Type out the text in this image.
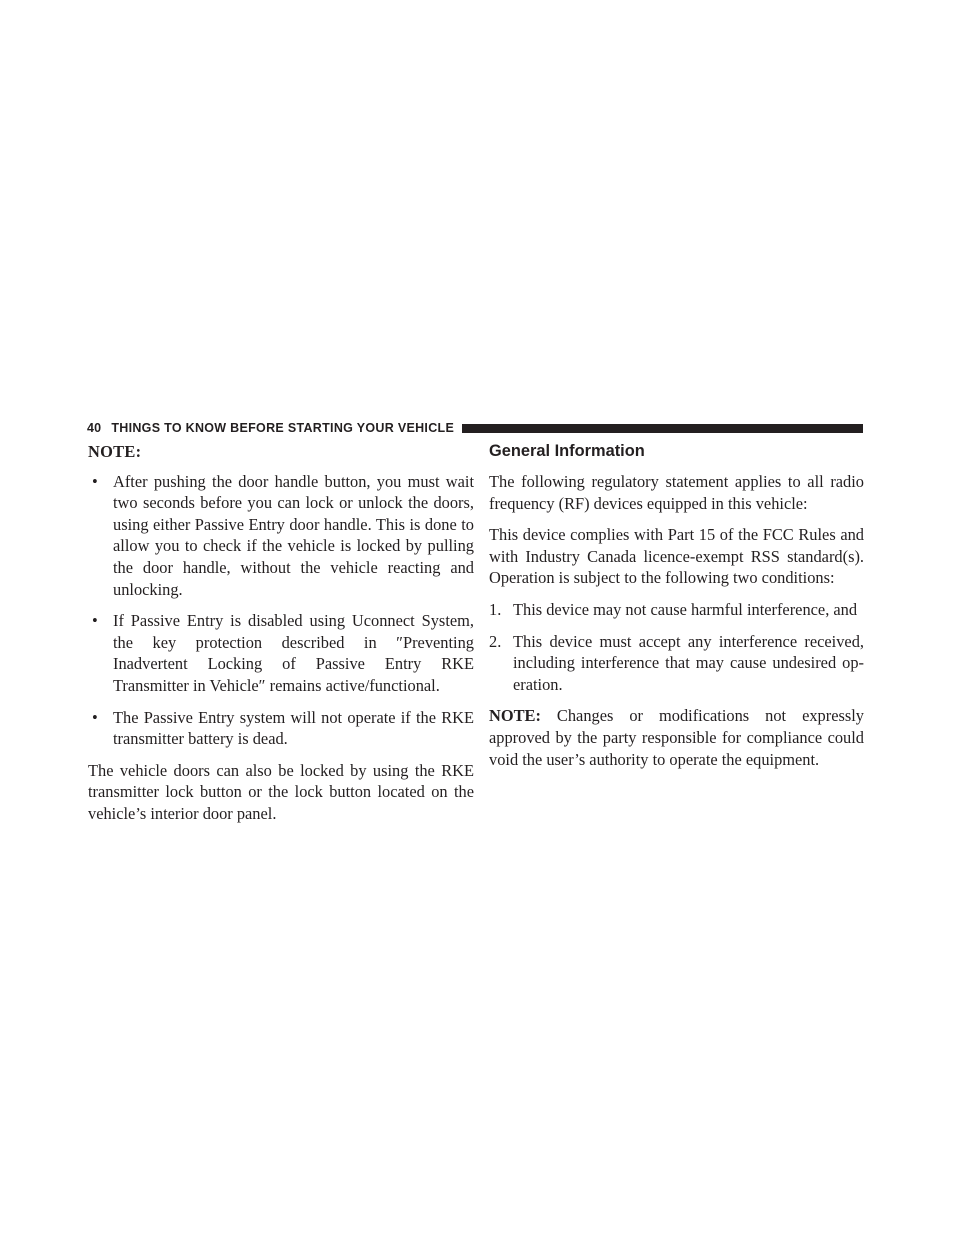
40 THINGS TO KNOW BEFORE STARTING YOUR VEHICLE

NOTE:

• After pushing the door handle button, you must wait two seconds before you can lock or unlock the doors, using either Passive Entry door handle. This is done to allow you to check if the vehicle is locked by pulling the door handle, without the vehicle reacting and unlocking.
• If Passive Entry is disabled using Uconnect System, the key protection described in ″Preventing Inadvertent Locking of Passive Entry RKE Transmitter in Vehicle″ remains active/functional.
• The Passive Entry system will not operate if the RKE transmitter battery is dead.

The vehicle doors can also be locked by using the RKE transmitter lock button or the lock button located on the vehicle’s interior door panel.

General Information

The following regulatory statement applies to all radio frequency (RF) devices equipped in this vehicle:

This device complies with Part 15 of the FCC Rules and with Industry Canada licence-exempt RSS standard(s). Operation is subject to the following two conditions:

1. This device may not cause harmful interference, and
2. This device must accept any interference received, including interference that may cause undesired op- eration.

NOTE: Changes or modifications not expressly approved by the party responsible for compliance could void the user’s authority to operate the equipment.
